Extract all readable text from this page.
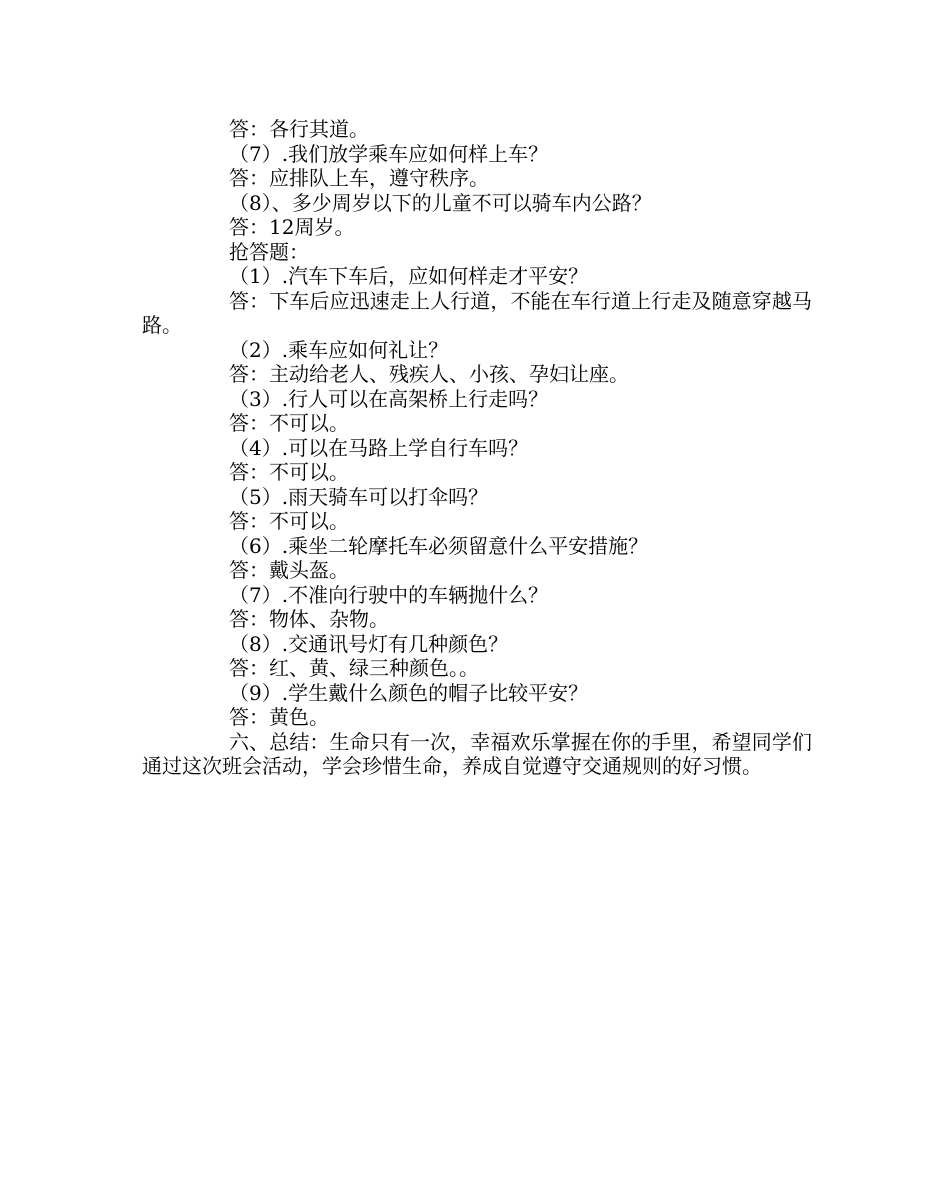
答：各行其道。
（7）.我们放学乘车应如何样上车？
答：应排队上车，遵守秩序。
（8）、多少周岁以下的儿童不可以骑车内公路？
答：12周岁。
抢答题：
（1）.汽车下车后，应如何样走才平安？
答：下车后应迅速走上人行道，不能在车行道上行走及随意穿越马路。
（2）.乘车应如何礼让？
答：主动给老人、残疾人、小孩、孕妇让座。
（3）.行人可以在高架桥上行走吗？
答：不可以。
（4）.可以在马路上学自行车吗？
答：不可以。
（5）.雨天骑车可以打伞吗？
答：不可以。
（6）.乘坐二轮摩托车必须留意什么平安措施？
答：戴头盔。
（7）.不准向行驶中的车辆抛什么？
答：物体、杂物。
（8）.交通讯号灯有几种颜色？
答：红、黄、绿三种颜色。。
（9）.学生戴什么颜色的帽子比较平安？
答：黄色。
六、总结：生命只有一次，幸福欢乐掌握在你的手里，希望同学们通过这次班会活动，学会珍惜生命，养成自觉遵守交通规则的好习惯。
